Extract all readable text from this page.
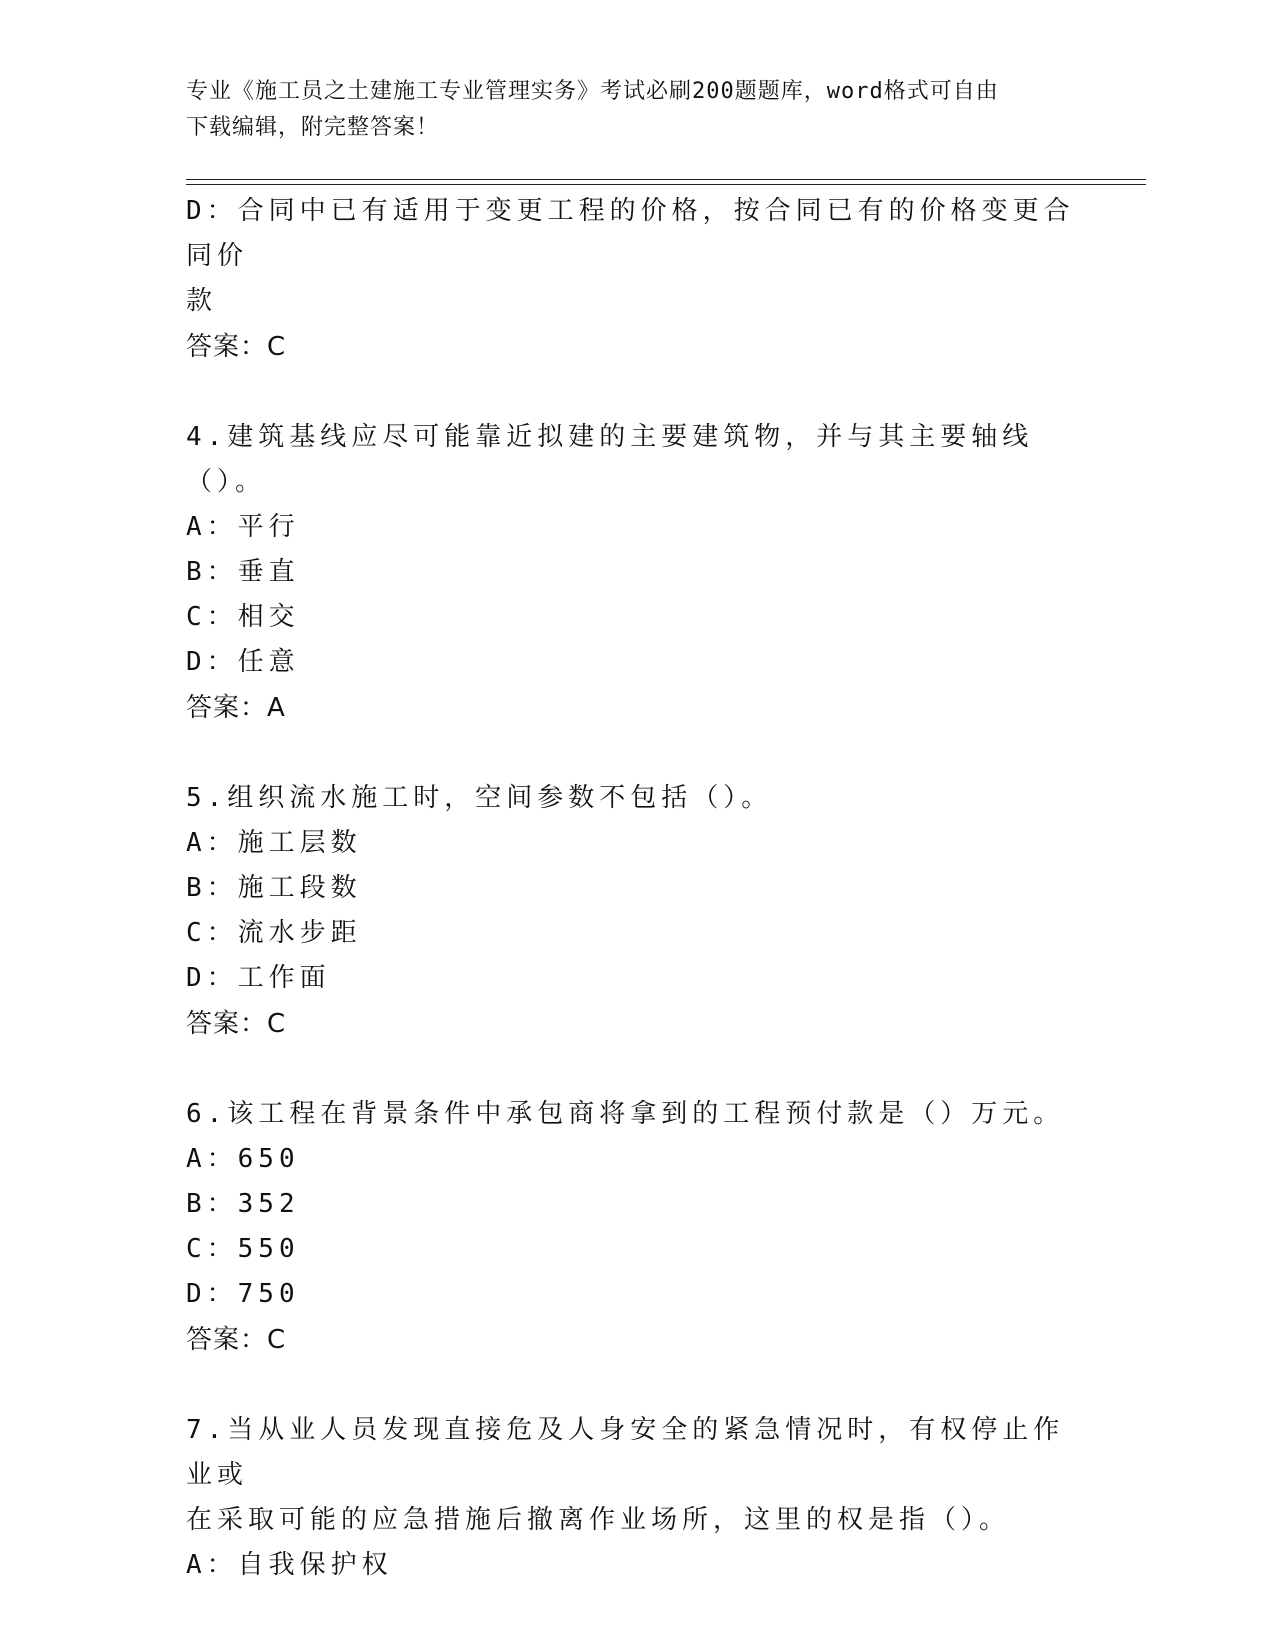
专业《施工员之土建施工专业管理实务》考试必刷200题题库，word格式可自由
下载编辑，附完整答案！
D：合同中已有适用于变更工程的价格，按合同已有的价格变更合同价
款
答案：C
4.建筑基线应尽可能靠近拟建的主要建筑物，并与其主要轴线（）。
A：平行
B：垂直
C：相交
D：任意
答案：A
5.组织流水施工时，空间参数不包括（）。
A：施工层数
B：施工段数
C：流水步距
D：工作面
答案：C
6.该工程在背景条件中承包商将拿到的工程预付款是（）万元。
A：650
B：352
C：550
D：750
答案：C
7.当从业人员发现直接危及人身安全的紧急情况时，有权停止作业或
在采取可能的应急措施后撤离作业场所，这里的权是指（）。
A：自我保护权
